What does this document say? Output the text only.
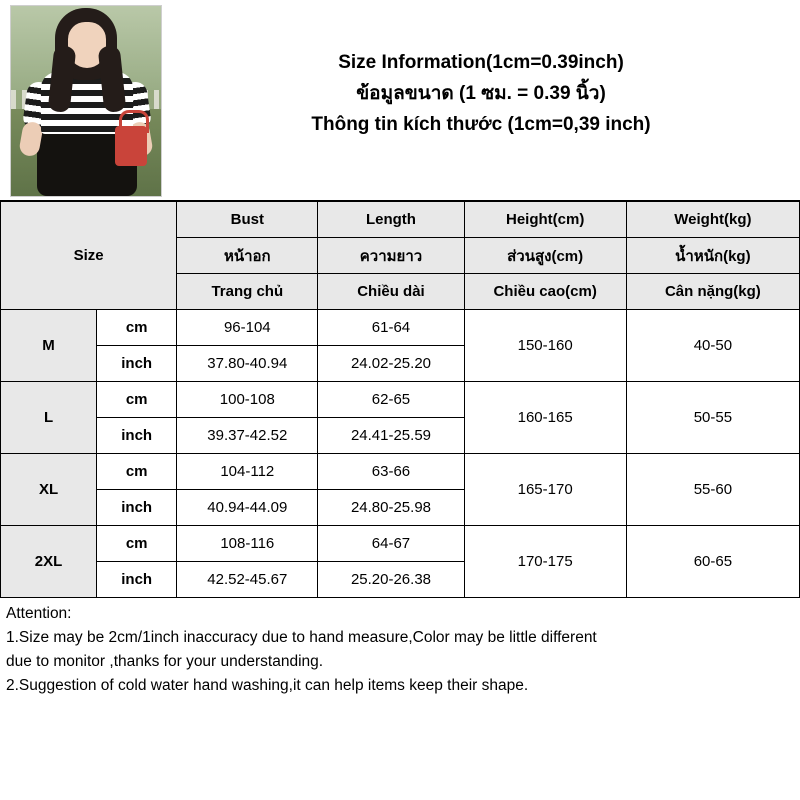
Size Information(1cm=0.39inch)
ข้อมูลขนาด (1 ซม. = 0.39 นิ้ว)
Thông tin kích thước (1cm=0,39 inch)
Size		Bust	Length	Height(cm)	Weight(kg)
		หน้าอก	ความยาว	ส่วนสูง(cm)	น้ำหนัก(kg)
		Trang chủ	Chiều dài	Chiều cao(cm)	Cân nặng(kg)
M	cm	96-104	61-64	150-160	40-50
	inch	37.80-40.94	24.02-25.20		
L	cm	100-108	62-65	160-165	50-55
	inch	39.37-42.52	24.41-25.59		
XL	cm	104-112	63-66	165-170	55-60
	inch	40.94-44.09	24.80-25.98		
2XL	cm	108-116	64-67	170-175	60-65
	inch	42.52-45.67	25.20-26.38		
Attention:
1.Size may be 2cm/1inch inaccuracy due to hand measure,Color may be little different
due to monitor ,thanks for your understanding.
2.Suggestion of cold water hand washing,it can help items keep their shape.
